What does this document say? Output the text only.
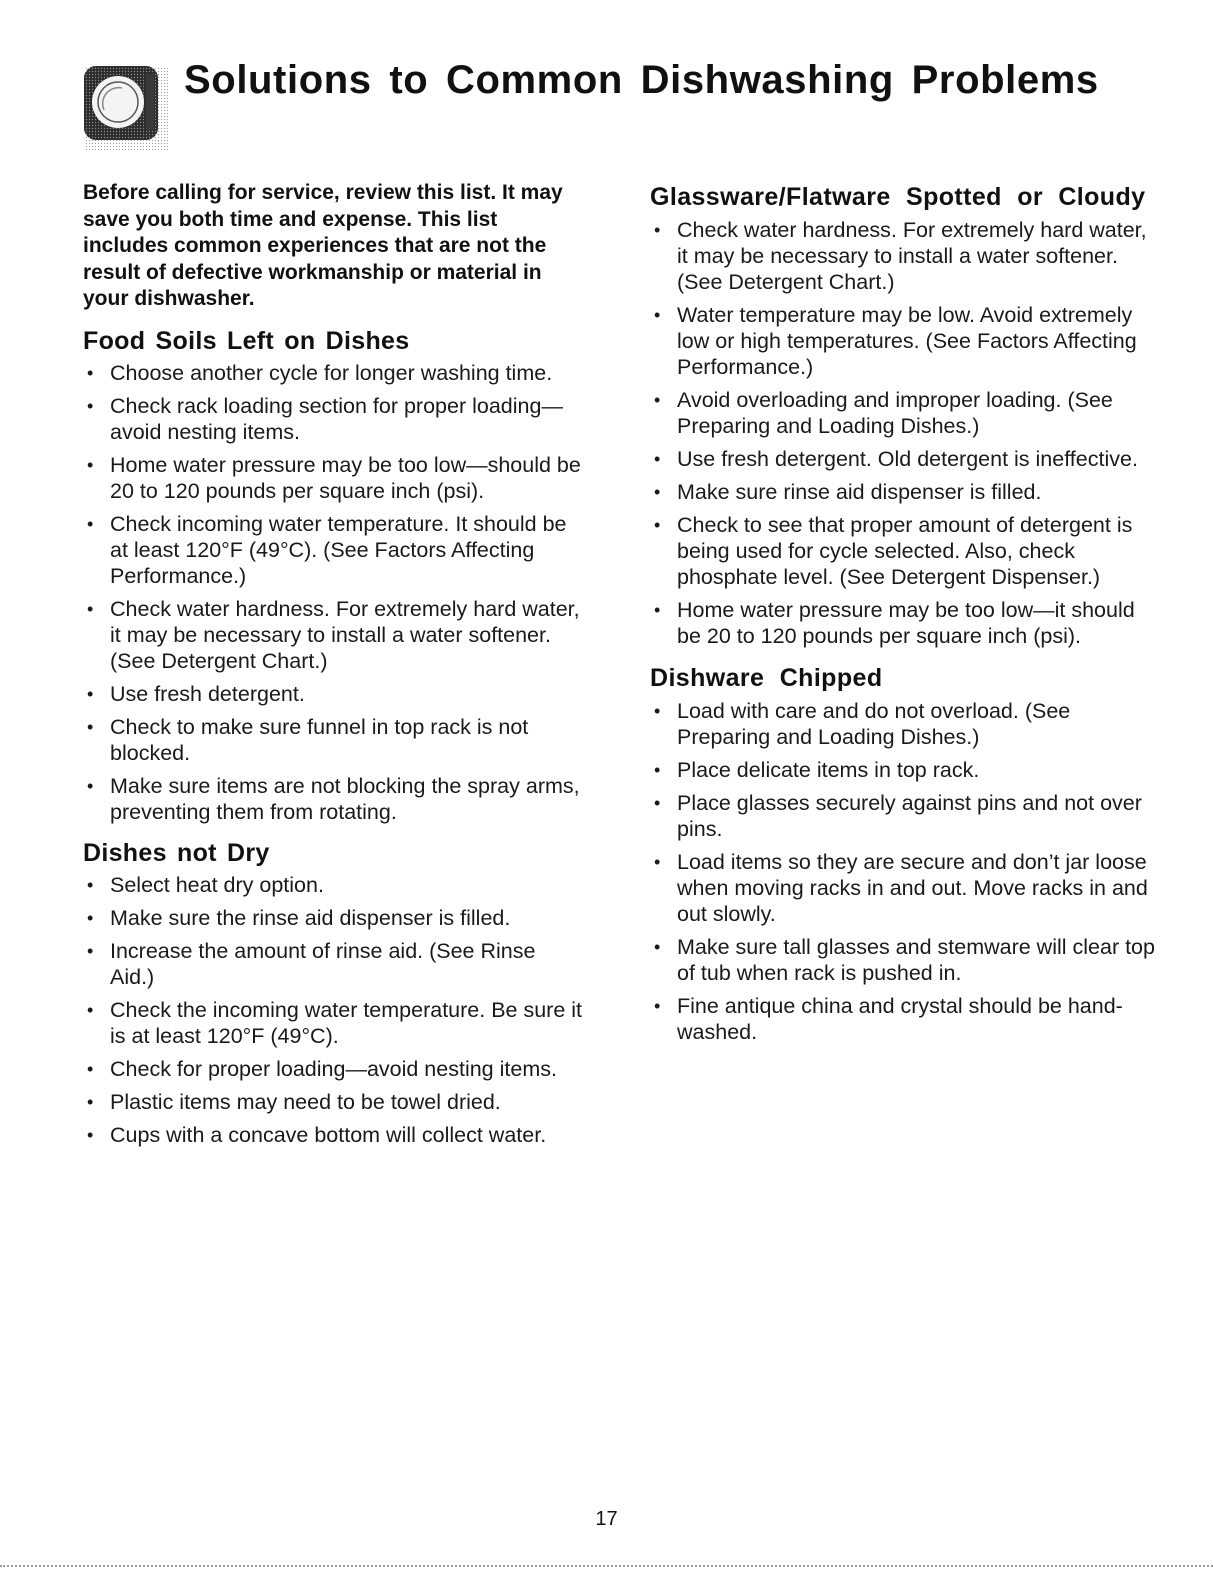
Solutions to Common Dishwashing Problems

Before calling for service, review this list. It may save you both time and expense. This list includes common experiences that are not the result of defective workmanship or material in your dishwasher.

Food Soils Left on Dishes
• Choose another cycle for longer washing time.
• Check rack loading section for proper loading—avoid nesting items.
• Home water pressure may be too low—should be 20 to 120 pounds per square inch (psi).
• Check incoming water temperature. It should be at least 120°F (49°C). (See Factors Affecting Performance.)
• Check water hardness. For extremely hard water, it may be necessary to install a water softener. (See Detergent Chart.)
• Use fresh detergent.
• Check to make sure funnel in top rack is not blocked.
• Make sure items are not blocking the spray arms, preventing them from rotating.
Dishes not Dry
• Select heat dry option.
• Make sure the rinse aid dispenser is filled.
• Increase the amount of rinse aid. (See Rinse Aid.)
• Check the incoming water temperature. Be sure it is at least 120°F (49°C).
• Check for proper loading—avoid nesting items.
• Plastic items may need to be towel dried.
• Cups with a concave bottom will collect water.
Glassware/Flatware Spotted or Cloudy
• Check water hardness. For extremely hard water, it may be necessary to install a water softener. (See Detergent Chart.)
• Water temperature may be low. Avoid extremely low or high temperatures. (See Factors Affecting Performance.)
• Avoid overloading and improper loading. (See Preparing and Loading Dishes.)
• Use fresh detergent. Old detergent is ineffective.
• Make sure rinse aid dispenser is filled.
• Check to see that proper amount of detergent is being used for cycle selected. Also, check phosphate level. (See Detergent Dispenser.)
• Home water pressure may be too low—it should be 20 to 120 pounds per square inch (psi).
Dishware Chipped
• Load with care and do not overload. (See Preparing and Loading Dishes.)
• Place delicate items in top rack.
• Place glasses securely against pins and not over pins.
• Load items so they are secure and don’t jar loose when moving racks in and out. Move racks in and out slowly.
• Make sure tall glasses and stemware will clear top of tub when rack is pushed in.
• Fine antique china and crystal should be hand-washed.
17
